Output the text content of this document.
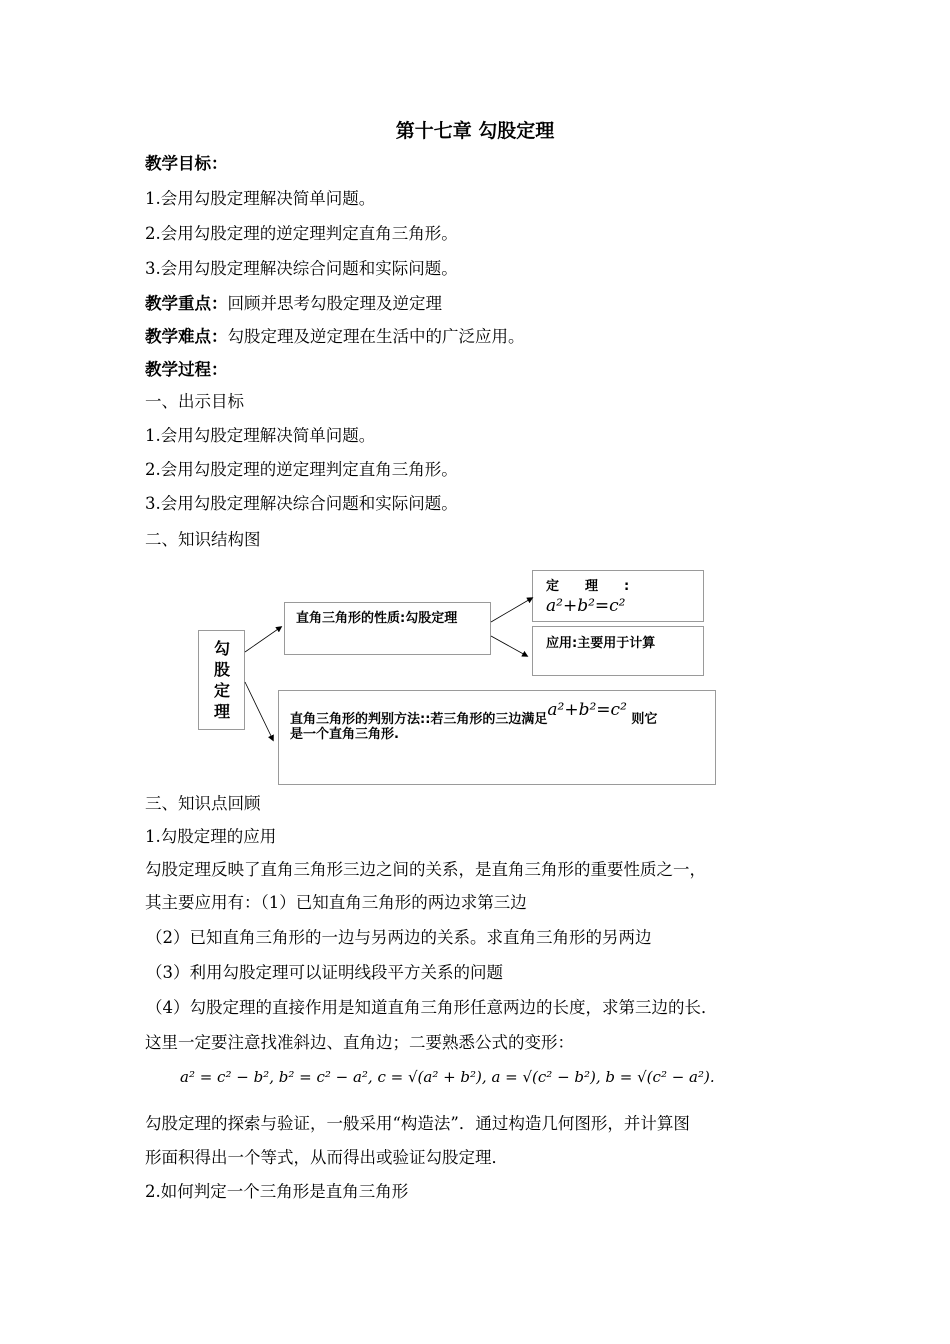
第十七章 勾股定理
教学目标：
1.会用勾股定理解决简单问题。
2.会用勾股定理的逆定理判定直角三角形。
3.会用勾股定理解决综合问题和实际问题。
教学重点：回顾并思考勾股定理及逆定理
教学难点：勾股定理及逆定理在生活中的广泛应用。
教学过程：
一、出示目标
1.会用勾股定理解决简单问题。
2.会用勾股定理的逆定理判定直角三角形。
3.会用勾股定理解决综合问题和实际问题。
二、知识结构图
勾股定理
直角三角形的性质:勾股定理
定　　理　　:
a²+b²=c²
应用:主要用于计算
直角三角形的判别方法::若三角形的三边满足a²+b²=c² 则它
是一个直角三角形.
三、知识点回顾
1.勾股定理的应用
勾股定理反映了直角三角形三边之间的关系，是直角三角形的重要性质之一，
其主要应用有：（1）已知直角三角形的两边求第三边
（2）已知直角三角形的一边与另两边的关系。求直角三角形的另两边
（3）利用勾股定理可以证明线段平方关系的问题
（4）勾股定理的直接作用是知道直角三角形任意两边的长度，求第三边的长．
这里一定要注意找准斜边、直角边；二要熟悉公式的变形：
a² = c² − b², b² = c² − a², c = √(a² + b²), a = √(c² − b²), b = √(c² − a²).
勾股定理的探索与验证，一般采用“构造法”．通过构造几何图形，并计算图
形面积得出一个等式，从而得出或验证勾股定理．
2.如何判定一个三角形是直角三角形
